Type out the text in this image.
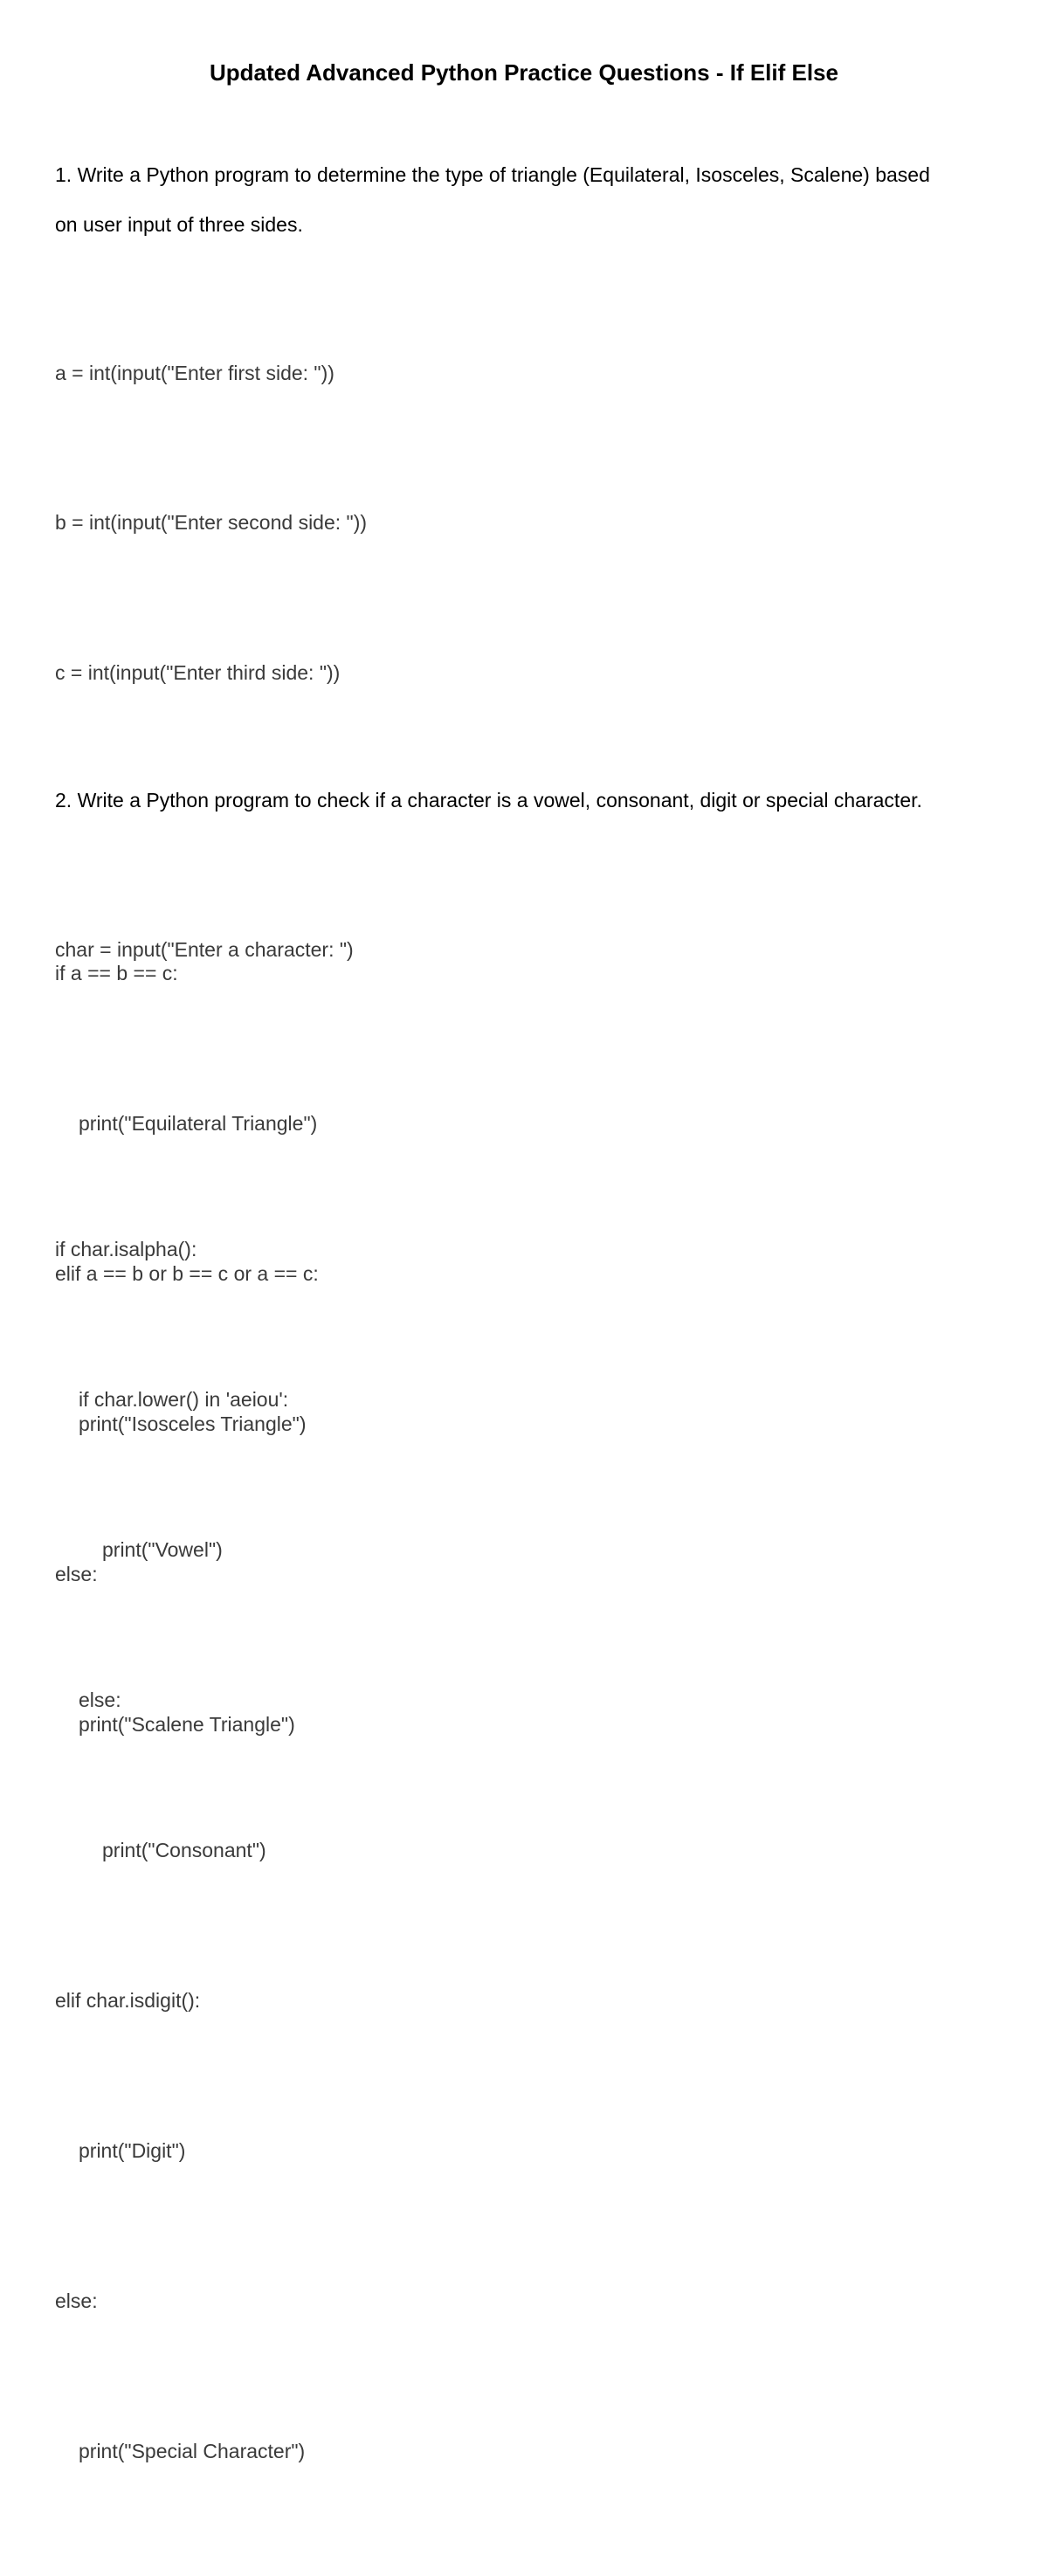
Updated Advanced Python Practice Questions - If Elif Else
1. Write a Python program to determine the type of triangle (Equilateral, Isosceles, Scalene) based
on user input of three sides.

a = int(input("Enter first side: "))

b = int(input("Enter second side: "))

c = int(input("Enter third side: "))

if a == b == c:

print("Equilateral Triangle")

elif a == b or b == c or a == c:

print("Isosceles Triangle")

else:

print("Scalene Triangle")

2. Write a Python program to check if a character is a vowel, consonant, digit or special character.

char = input("Enter a character: ")

if char.isalpha():

if char.lower() in 'aeiou':

print("Vowel")

else:

print("Consonant")

elif char.isdigit():

print("Digit")

else:

print("Special Character")
